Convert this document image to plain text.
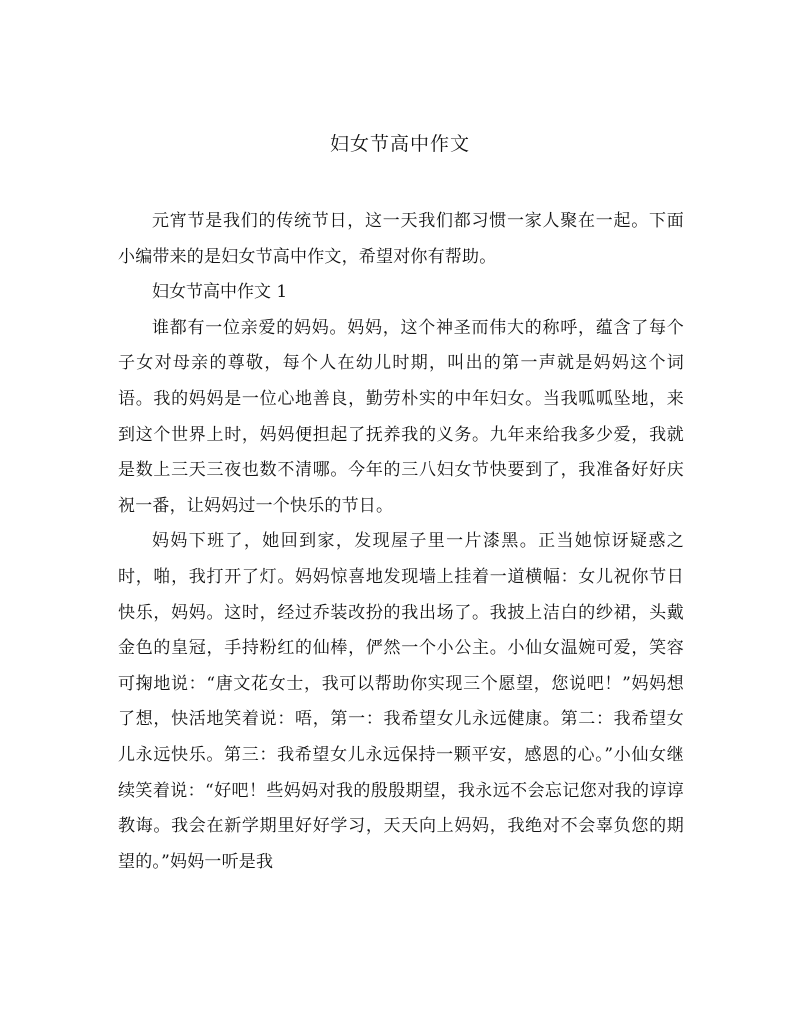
妇女节高中作文

元宵节是我们的传统节日，这一天我们都习惯一家人聚在一起。下面小编带来的是妇女节高中作文，希望对你有帮助。

妇女节高中作文 1

谁都有一位亲爱的妈妈。妈妈，这个神圣而伟大的称呼，蕴含了每个子女对母亲的尊敬，每个人在幼儿时期，叫出的第一声就是妈妈这个词语。我的妈妈是一位心地善良，勤劳朴实的中年妇女。当我呱呱坠地，来到这个世界上时，妈妈便担起了抚养我的义务。九年来给我多少爱，我就是数上三天三夜也数不清哪。今年的三八妇女节快要到了，我准备好好庆祝一番，让妈妈过一个快乐的节日。

妈妈下班了，她回到家，发现屋子里一片漆黑。正当她惊讶疑惑之时，啪，我打开了灯。妈妈惊喜地发现墙上挂着一道横幅：女儿祝你节日快乐，妈妈。这时，经过乔装改扮的我出场了。我披上洁白的纱裙，头戴金色的皇冠，手持粉红的仙棒，俨然一个小公主。小仙女温婉可爱，笑容可掬地说：“唐文花女士，我可以帮助你实现三个愿望，您说吧！”妈妈想了想，快活地笑着说：唔，第一：我希望女儿永远健康。第二：我希望女儿永远快乐。第三：我希望女儿永远保持一颗平安，感恩的心。”小仙女继续笑着说：“好吧！些妈妈对我的殷殷期望，我永远不会忘记您对我的谆谆教诲。我会在新学期里好好学习，天天向上妈妈，我绝对不会辜负您的期望的。”妈妈一听是我
